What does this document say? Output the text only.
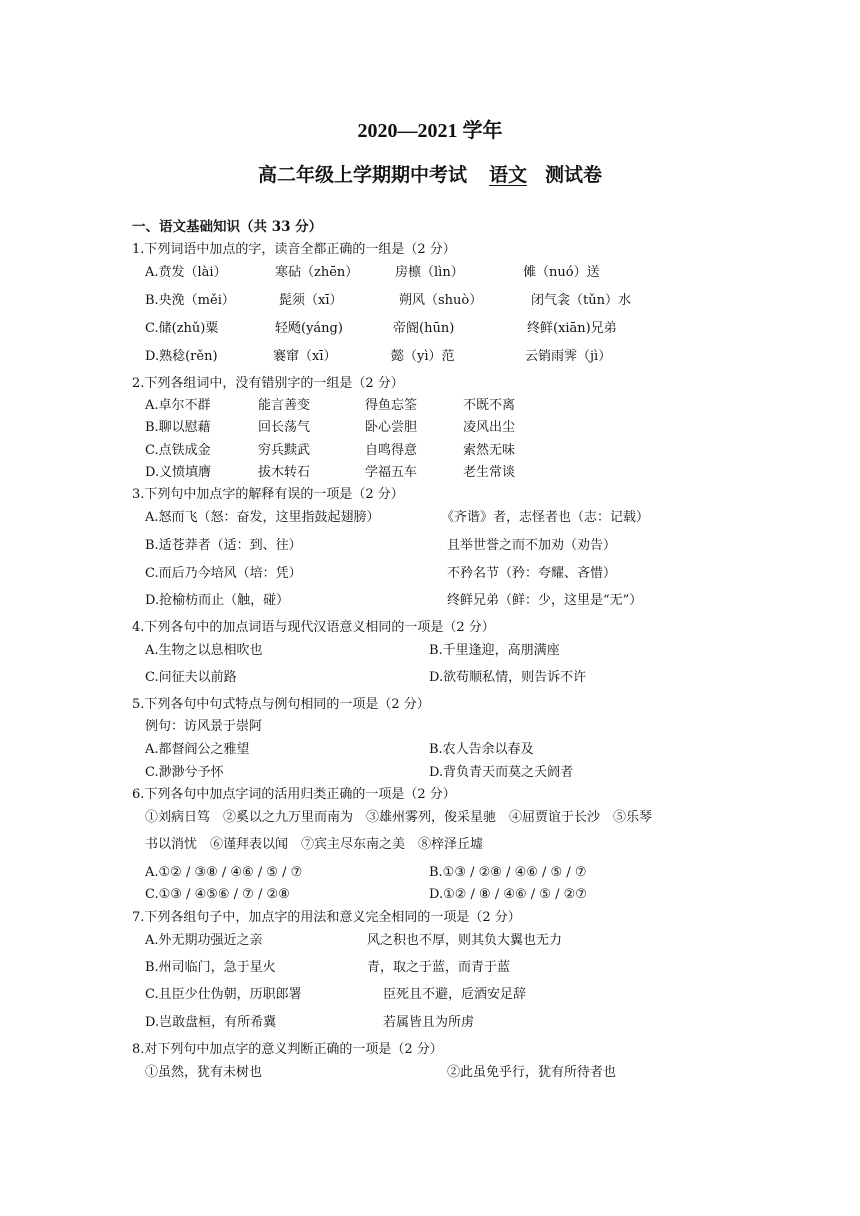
2020—2021 学年
高二年级上学期期中考试 语文 测试卷
一、语文基础知识（共 33 分）
1.下列词语中加点的字，读音全都正确的一组是（2 分）
A.贲发（lài）	寒砧（zhēn）	房檩（lìn）	傩（nuó）送
B.央浼（měi）	髭须（xī）	朔风（shuò）	闭气衾（tǔn）水
C.储(zhǔ)粟	轻飏(yáng)	帝阍(hūn)	终鲜(xiān)兄弟
D.熟稔(rěn)	褰窜（xī）	懿（yì）范	云销雨霁（jì）
2.下列各组词中，没有错别字的一组是（2 分）
A.卓尔不群	能言善变	得鱼忘筌	不既不离
B.聊以慰藉	回长荡气	卧心尝胆	凌风出尘
C.点铁成金	穷兵黩武	自鸣得意	索然无味
D.义愤填膺	拔木转石	学福五车	老生常谈
3.下列句中加点字的解释有误的一项是（2 分）
A.怒而飞（怒：奋发，这里指鼓起翅膀）	《齐谐》者，志怪者也（志：记载）
B.适苍莽者（适：到、往）	且举世誉之而不加劝（劝告）
C.而后乃今培风（培：凭）	不矜名节（矜：夸耀、吝惜）
D.抢榆枋而止（触，碰）	终鲜兄弟（鲜：少，这里是“无”）
4.下列各句中的加点词语与现代汉语意义相同的一项是（2 分）
A.生物之以息相吹也	B.千里逢迎，高朋满座
C.问征夫以前路	D.欲苟顺私情，则告诉不许
5.下列各句中句式特点与例句相同的一项是（2 分）
例句：访风景于崇阿
A.都督阎公之雅望	B.农人告余以春及
C.渺渺兮予怀	D.背负青天而莫之夭阏者
6.下列各句中加点字词的活用归类正确的一项是（2 分）
①刘病日笃　②奚以之九万里而南为　③雄州雾列，俊采星驰　④屈贾谊于长沙　⑤乐琴
书以消忧　⑥谨拜表以闻　⑦宾主尽东南之美　⑧梓泽丘墟
A.①② / ③⑧ / ④⑥ / ⑤ / ⑦	B.①③ / ②⑧ / ④⑥ / ⑤ / ⑦
C.①③ / ④⑤⑥ / ⑦ / ②⑧	D.①② / ⑧ / ④⑥ / ⑤ / ②⑦
7.下列各组句子中，加点字的用法和意义完全相同的一项是（2 分）
A.外无期功强近之亲	风之积也不厚，则其负大翼也无力
B.州司临门，急于星火	青，取之于蓝，而青于蓝
C.且臣少仕伪朝，历职郎署	臣死且不避，卮酒安足辞
D.岂敢盘桓，有所希冀	若属皆且为所虏
8.对下列句中加点字的意义判断正确的一项是（2 分）
①虽然，犹有未树也	②此虽免乎行，犹有所待者也
